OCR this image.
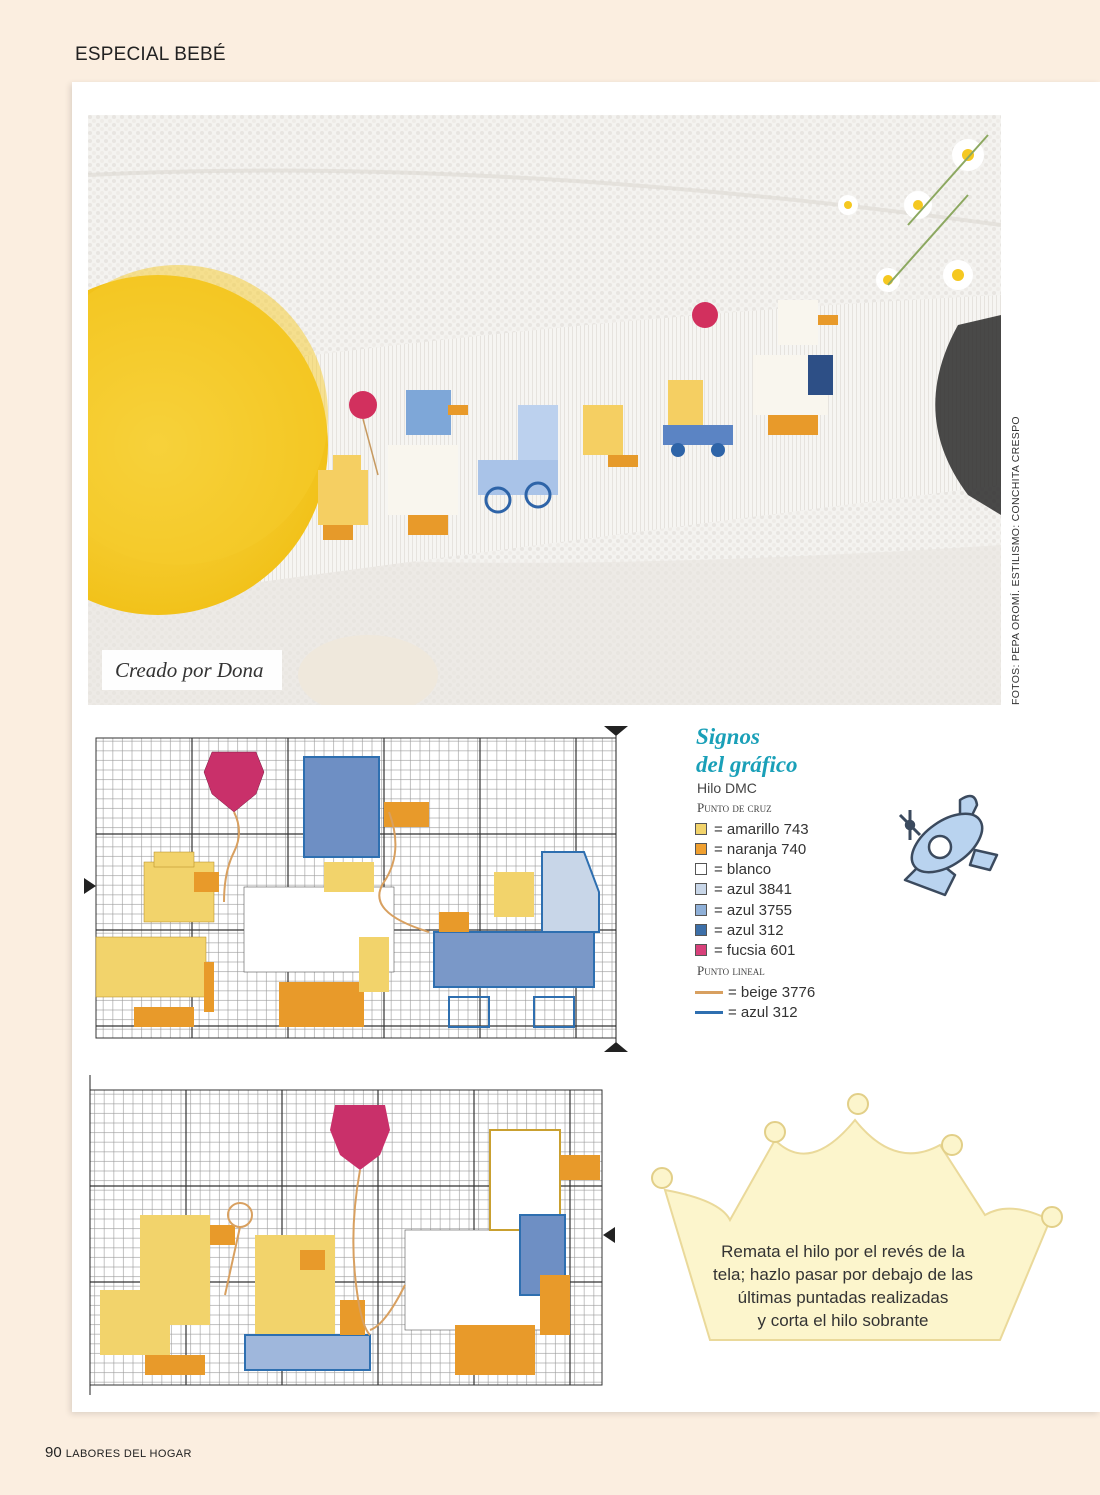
ESPECIAL BEBÉ
Creado por Dona	FOTOS: PEPA OROMÍ. ESTILISMO: CONCHITA CRESPO
Signos
del gráfico
Hilo DMC
Punto de cruz
= amarillo 743
= naranja 740
= blanco
= azul 3841
= azul 3755
= azul 312
= fucsia 601
Punto lineal
= beige 3776
= azul 312
Remata el hilo por el revés de la
tela; hazlo pasar por debajo de las
últimas puntadas realizadas
y corta el hilo sobrante
90 LABORES DEL HOGAR
